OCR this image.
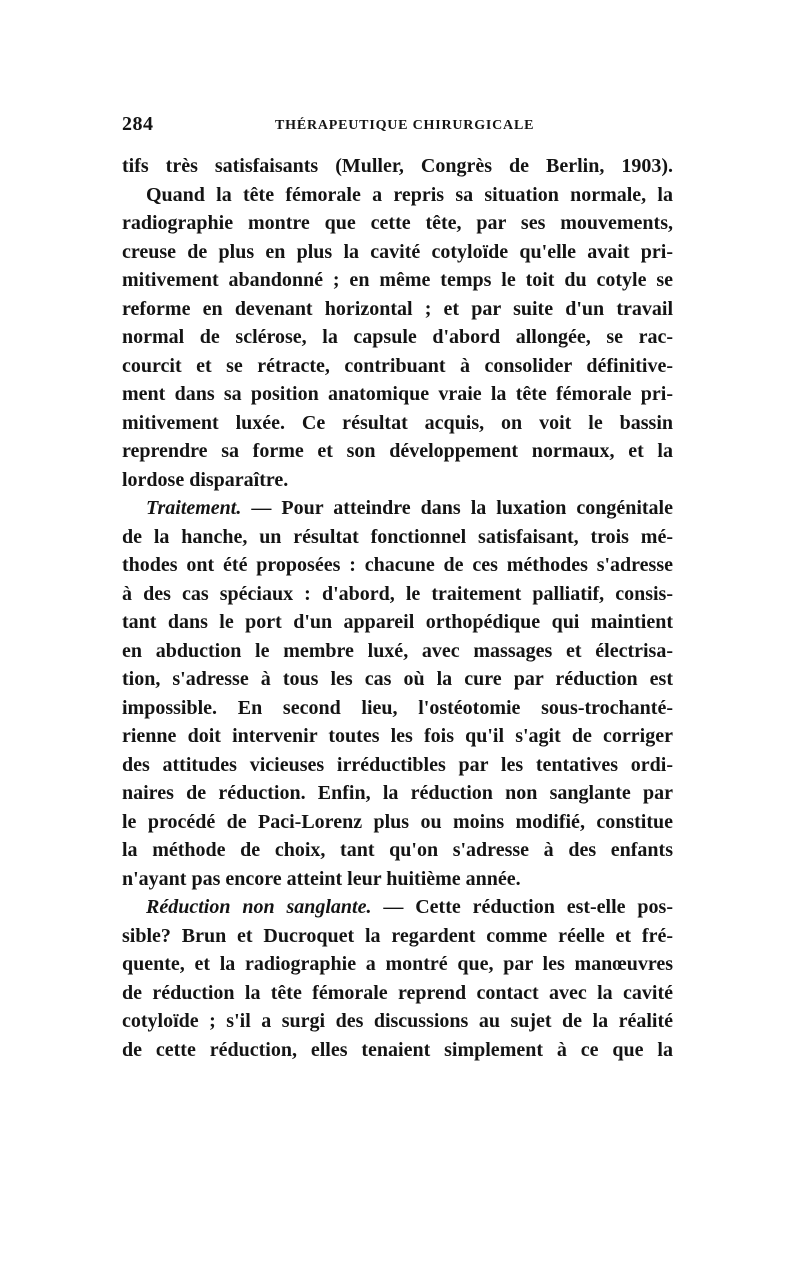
284	THÉRAPEUTIQUE CHIRURGICALE
tifs très satisfaisants (Muller, Congrès de Berlin, 1903).
Quand la tête fémorale a repris sa situation normale, la
radiographie montre que cette tête, par ses mouvements,
creuse de plus en plus la cavité cotyloïde qu'elle avait pri-
mitivement abandonné ; en même temps le toit du cotyle se
reforme en devenant horizontal ; et par suite d'un travail
normal de sclérose, la capsule d'abord allongée, se rac-
courcit et se rétracte, contribuant à consolider définitive-
ment dans sa position anatomique vraie la tête fémorale pri-
mitivement luxée. Ce résultat acquis, on voit le bassin
reprendre sa forme et son développement normaux, et la
lordose disparaître.
Traitement. — Pour atteindre dans la luxation congénitale
de la hanche, un résultat fonctionnel satisfaisant, trois mé-
thodes ont été proposées : chacune de ces méthodes s'adresse
à des cas spéciaux : d'abord, le traitement palliatif, consis-
tant dans le port d'un appareil orthopédique qui maintient
en abduction le membre luxé, avec massages et électrisa-
tion, s'adresse à tous les cas où la cure par réduction est
impossible. En second lieu, l'ostéotomie sous-trochanté-
rienne doit intervenir toutes les fois qu'il s'agit de corriger
des attitudes vicieuses irréductibles par les tentatives ordi-
naires de réduction. Enfin, la réduction non sanglante par
le procédé de Paci-Lorenz plus ou moins modifié, constitue
la méthode de choix, tant qu'on s'adresse à des enfants
n'ayant pas encore atteint leur huitième année.
Réduction non sanglante. — Cette réduction est-elle pos-
sible? Brun et Ducroquet la regardent comme réelle et fré-
quente, et la radiographie a montré que, par les manœuvres
de réduction la tête fémorale reprend contact avec la cavité
cotyloïde ; s'il a surgi des discussions au sujet de la réalité
de cette réduction, elles tenaient simplement à ce que la
